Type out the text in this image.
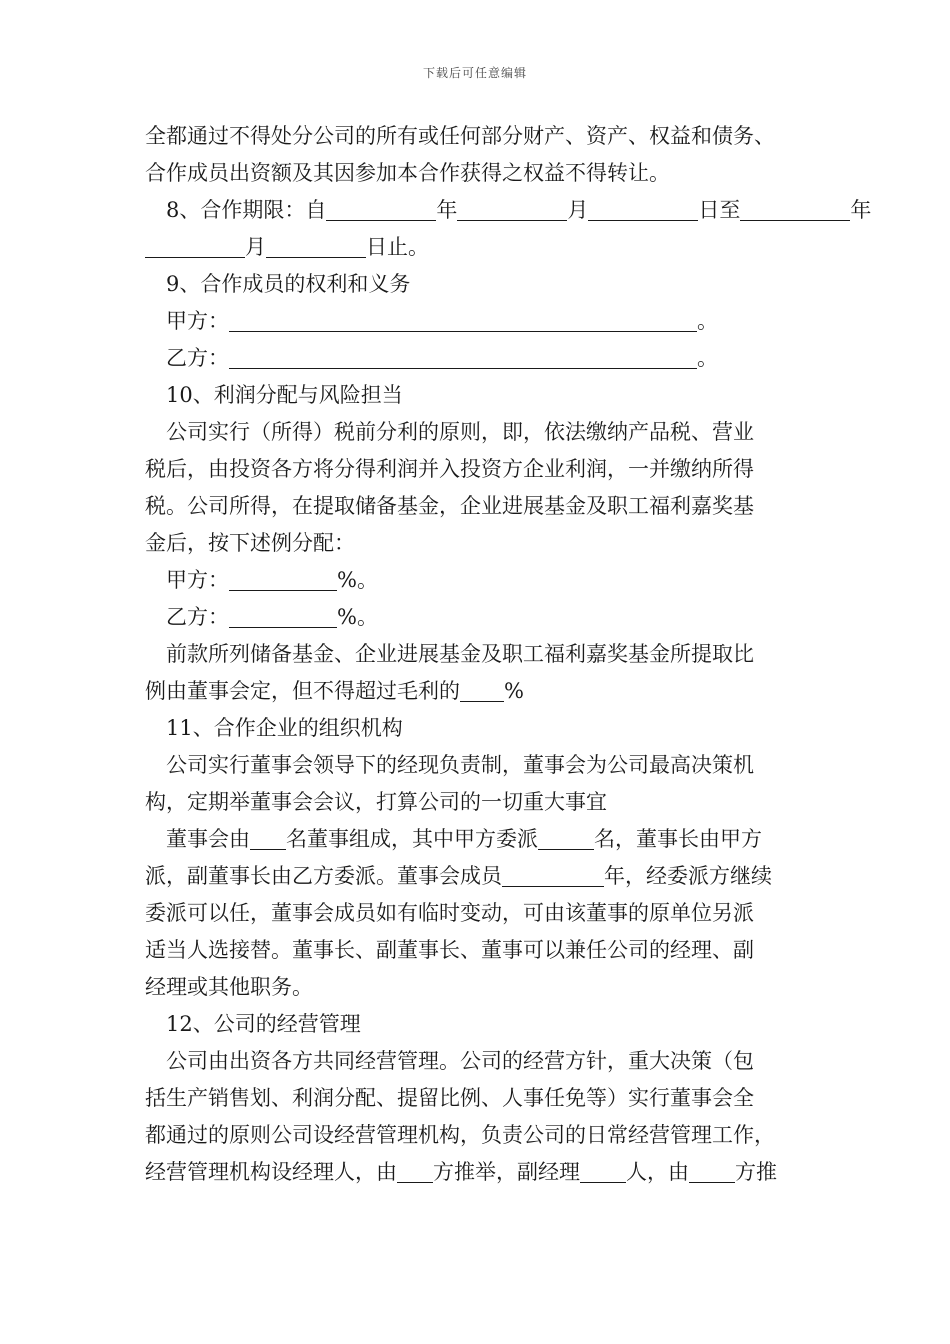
下载后可任意编辑

全都通过不得处分公司的所有或任何部分财产、资产、权益和债务、

合作成员出资额及其因参加本合作获得之权益不得转让。

8、合作期限：自	年	月	日至	年

月	日止。

9、合作成员的权利和义务

甲方：	。

乙方：	。

10、利润分配与风险担当

公司实行（所得）税前分利的原则，即，依法缴纳产品税、营业

税后，由投资各方将分得利润并入投资方企业利润，一并缴纳所得

税。公司所得，在提取储备基金，企业进展基金及职工福利嘉奖基

金后，按下述例分配：

甲方：	%。

乙方：	%。

前款所列储备基金、企业进展基金及职工福利嘉奖基金所提取比

例由董事会定，但不得超过毛利的 %

11、合作企业的组织机构

公司实行董事会领导下的经现负责制，董事会为公司最高决策机

构，定期举董事会会议，打算公司的一切重大事宜

董事会由 名董事组成，其中甲方委派	名，董事长由甲方

派，副董事长由乙方委派。董事会成员	年，经委派方继续

委派可以任，董事会成员如有临时变动，可由该董事的原单位另派

适当人选接替。董事长、副董事长、董事可以兼任公司的经理、副

经理或其他职务。

12、公司的经营管理

公司由出资各方共同经营管理。公司的经营方针，重大决策（包

括生产销售划、利润分配、提留比例、人事任免等）实行董事会全

都通过的原则公司设经营管理机构，负责公司的日常经营管理工作，

经营管理机构设经理人，由 方推举，副经理 人，由 方推
